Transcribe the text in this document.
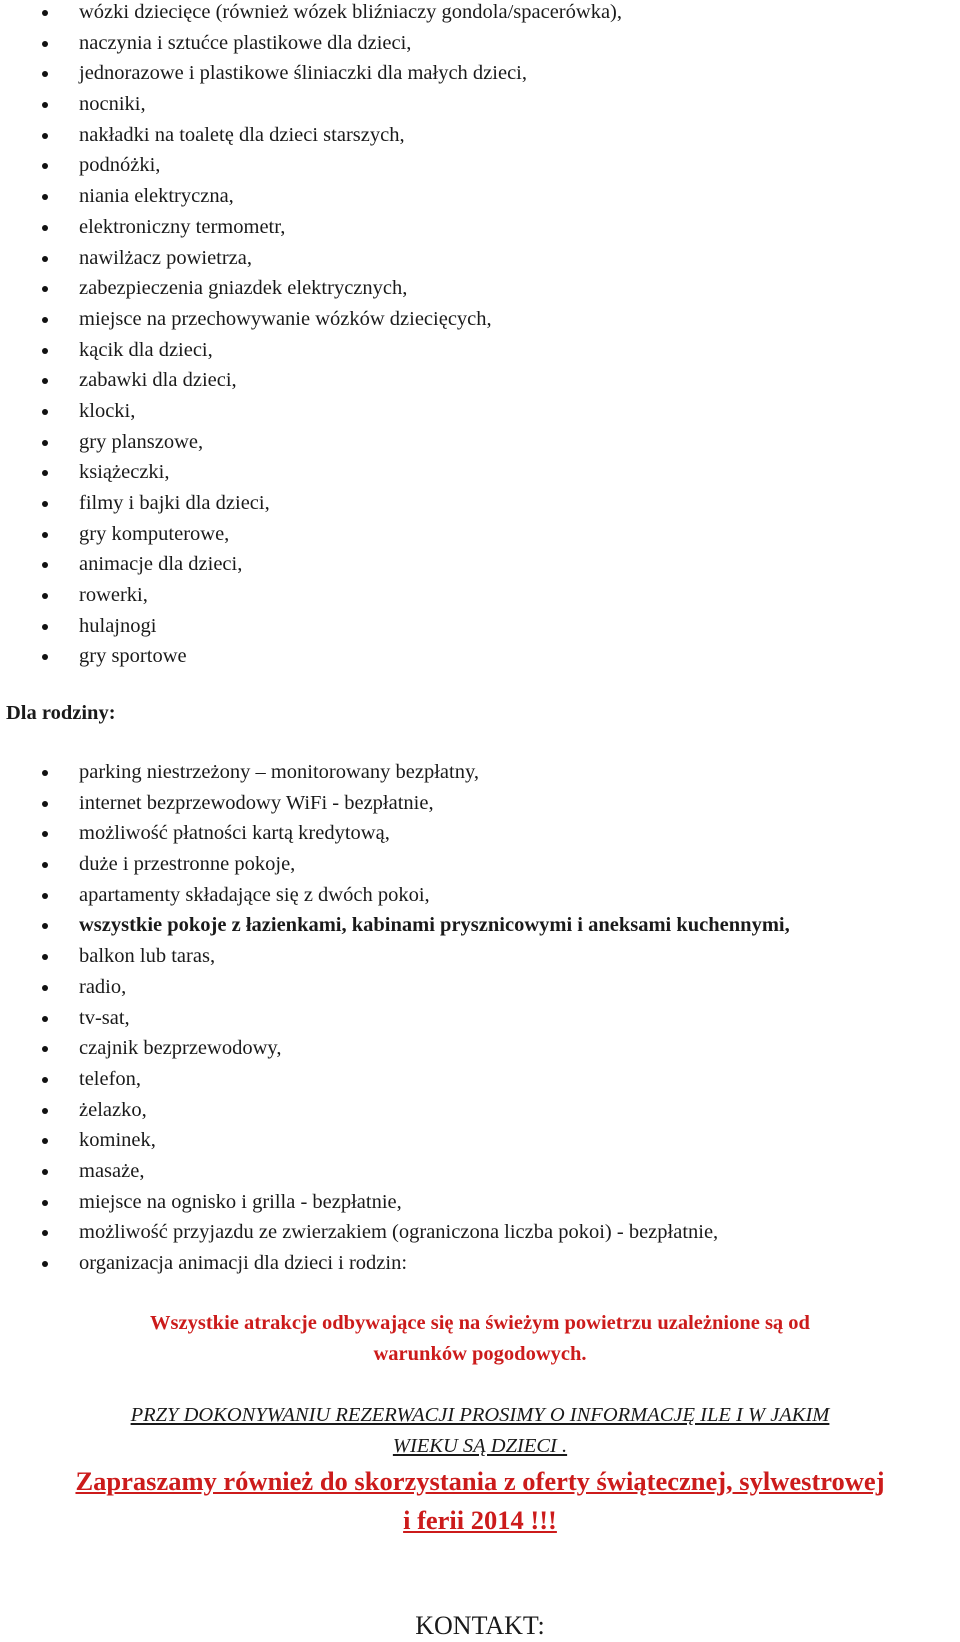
wózki dziecięce (również wózek bliźniaczy gondola/spacerówka),
naczynia i sztućce plastikowe dla dzieci,
jednorazowe i plastikowe śliniaczki dla małych dzieci,
nocniki,
nakładki na toaletę dla dzieci starszych,
podnóżki,
niania elektryczna,
elektroniczny termometr,
nawilżacz powietrza,
zabezpieczenia gniazdek elektrycznych,
miejsce na przechowywanie wózków dziecięcych,
kącik dla dzieci,
zabawki dla dzieci,
klocki,
gry planszowe,
książeczki,
filmy i bajki dla dzieci,
gry komputerowe,
animacje dla dzieci,
rowerki,
hulajnogi
gry sportowe
Dla rodziny:
parking niestrzeżony – monitorowany bezpłatny,
internet bezprzewodowy WiFi - bezpłatnie,
możliwość płatności kartą kredytową,
duże i przestronne pokoje,
apartamenty składające się z dwóch pokoi,
wszystkie pokoje z łazienkami, kabinami prysznicowymi i aneksami kuchennymi,
balkon lub taras,
radio,
tv-sat,
czajnik bezprzewodowy,
telefon,
żelazko,
kominek,
masaże,
miejsce na ognisko i grilla - bezpłatnie,
możliwość przyjazdu ze zwierzakiem (ograniczona liczba pokoi) - bezpłatnie,
organizacja animacji dla dzieci i rodzin:
Wszystkie atrakcje odbywające się na świeżym powietrzu uzależnione są od
warunków pogodowych.
PRZY DOKONYWANIU REZERWACJI PROSIMY O INFORMACJĘ ILE I W JAKIM
WIEKU SĄ DZIECI .
Zapraszamy również do skorzystania z oferty świątecznej, sylwestrowej
i ferii 2014 !!!
KONTAKT:
